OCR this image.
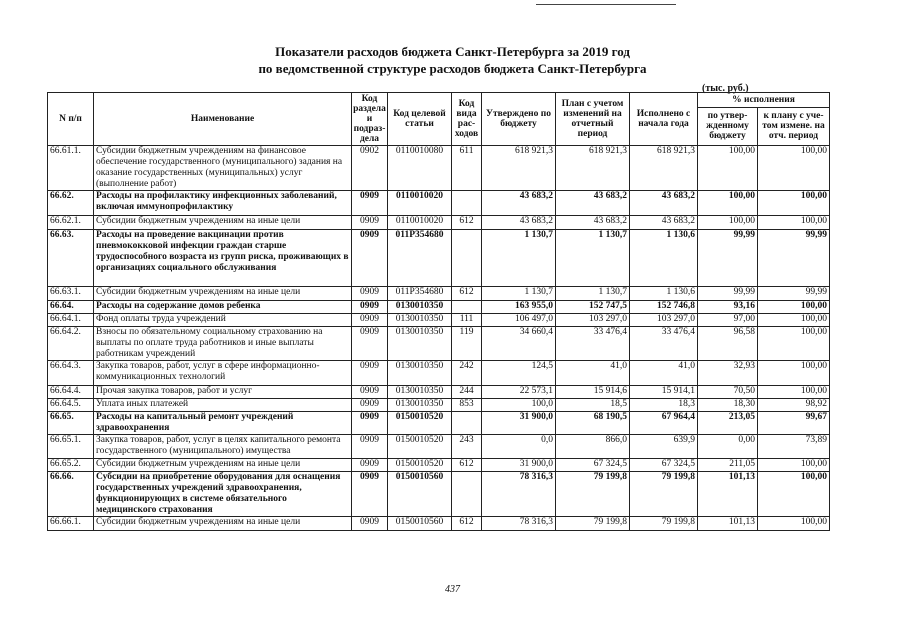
Показатели расходов бюджета Санкт-Петербурга за 2019 год
по ведомственной структуре расходов бюджета Санкт-Петербурга
(тыс. руб.)
N п/п	Наименование	Код раздела и подраз-дела	Код целевой статьи	Код вида рас-ходов	Утверждено по бюджету	План с учетом изменений на отчетный период	Исполнено с начала года	% исполнения	
								по утвер-жденному бюджету	к плану с уче-том измене. на отч. период
66.61.1.	Субсидии бюджетным учреждениям на финансовое обеспечение государственного (муниципального) задания на оказание государственных (муниципальных) услуг (выполнение работ)	0902	0110010080	611	618 921,3	618 921,3	618 921,3	100,00	100,00
66.62.	Расходы на профилактику инфекционных заболеваний, включая иммунопрофилактику	0909	0110010020		43 683,2	43 683,2	43 683,2	100,00	100,00
66.62.1.	Субсидии бюджетным учреждениям на иные цели	0909	0110010020	612	43 683,2	43 683,2	43 683,2	100,00	100,00
66.63.	Расходы на проведение вакцинации против пневмококковой инфекции граждан старше трудоспособного возраста из групп риска, проживающих в организациях социального обслуживания	0909	011P354680		1 130,7	1 130,7	1 130,6	99,99	99,99
66.63.1.	Субсидии бюджетным учреждениям на иные цели	0909	011P354680	612	1 130,7	1 130,7	1 130,6	99,99	99,99
66.64.	Расходы на содержание домов ребенка	0909	0130010350		163 955,0	152 747,5	152 746,8	93,16	100,00
66.64.1.	Фонд оплаты труда учреждений	0909	0130010350	111	106 497,0	103 297,0	103 297,0	97,00	100,00
66.64.2.	Взносы по обязательному социальному страхованию на выплаты по оплате труда работников и иные выплаты работникам учреждений	0909	0130010350	119	34 660,4	33 476,4	33 476,4	96,58	100,00
66.64.3.	Закупка товаров, работ, услуг в сфере информационно-коммуникационных технологий	0909	0130010350	242	124,5	41,0	41,0	32,93	100,00
66.64.4.	Прочая закупка товаров, работ и услуг	0909	0130010350	244	22 573,1	15 914,6	15 914,1	70,50	100,00
66.64.5.	Уплата иных платежей	0909	0130010350	853	100,0	18,5	18,3	18,30	98,92
66.65.	Расходы на капитальный ремонт учреждений здравоохранения	0909	0150010520		31 900,0	68 190,5	67 964,4	213,05	99,67
66.65.1.	Закупка товаров, работ, услуг в целях капитального ремонта государственного (муниципального) имущества	0909	0150010520	243	0,0	866,0	639,9	0,00	73,89
66.65.2.	Субсидии бюджетным учреждениям на иные цели	0909	0150010520	612	31 900,0	67 324,5	67 324,5	211,05	100,00
66.66.	Субсидии на приобретение оборудования для оснащения государственных учреждений здравоохранения, функционирующих в системе обязательного медицинского страхования	0909	0150010560		78 316,3	79 199,8	79 199,8	101,13	100,00
66.66.1.	Субсидии бюджетным учреждениям на иные цели	0909	0150010560	612	78 316,3	79 199,8	79 199,8	101,13	100,00
437
